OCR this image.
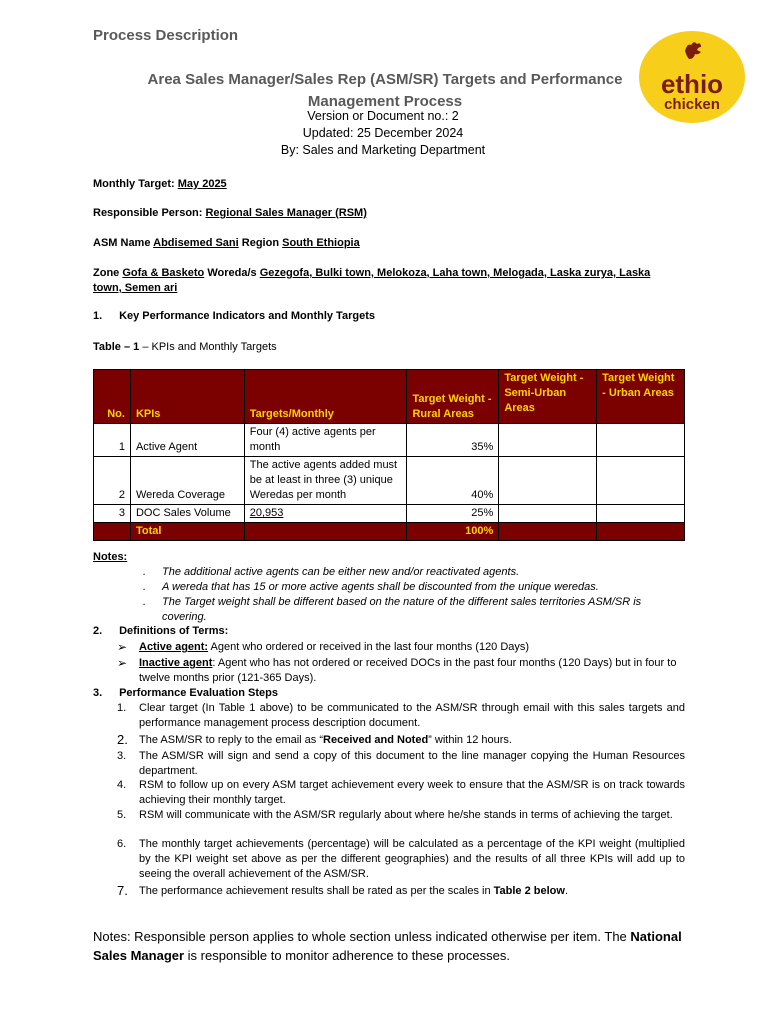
Process Description
ethio
chicken
Area Sales Manager/Sales Rep (ASM/SR) Targets and Performance
Management Process
Version or Document no.: 2
Updated: 25 December 2024
By: Sales and Marketing Department
Monthly Target: May 2025
Responsible Person: Regional Sales Manager (RSM)
ASM Name Abdisemed Sani Region South Ethiopia
Zone Gofa & Basketo Woreda/s Gezegofa, Bulki town, Melokoza, Laha town, Melogada, Laska zurya, Laska
town, Semen ari
1. Key Performance Indicators and Monthly Targets
Table – 1 – KPIs and Monthly Targets
No.	KPIs	Targets/Monthly	Target Weight - Rural Areas	Target Weight - Semi-Urban Areas	Target Weight - Urban Areas
1	Active Agent	Four (4) active agents per month	35%		
2	Wereda Coverage	The active agents added must be at least in three (3) unique Weredas per month	40%		
3	DOC Sales Volume	20,953	25%		
	Total		100%		
Notes:
. The additional active agents can be either new and/or reactivated agents.
. A wereda that has 15 or more active agents shall be discounted from the unique weredas.
. The Target weight shall be different based on the nature of the different sales territories ASM/SR is covering.
2. Definitions of Terms:
➢ Active agent: Agent who ordered or received in the last four months (120 Days)
➢ Inactive agent: Agent who has not ordered or received DOCs in the past four months (120 Days) but in four to twelve months prior (121-365 Days).
3. Performance Evaluation Steps
1. Clear target (In Table 1 above) to be communicated to the ASM/SR through email with this sales targets and performance management process description document.
2. The ASM/SR to reply to the email as “Received and Noted” within 12 hours.
3. The ASM/SR will sign and send a copy of this document to the line manager copying the Human Resources department.
4. RSM to follow up on every ASM target achievement every week to ensure that the ASM/SR is on track towards achieving their monthly target.
5. RSM will communicate with the ASM/SR regularly about where he/she stands in terms of achieving the target.
6. The monthly target achievements (percentage) will be calculated as a percentage of the KPI weight (multiplied by the KPI weight set above as per the different geographies) and the results of all three KPIs will add up to seeing the overall achievement of the ASM/SR.
7. The performance achievement results shall be rated as per the scales in Table 2 below.
Notes: Responsible person applies to whole section unless indicated otherwise per item. The National Sales Manager is responsible to monitor adherence to these processes.
